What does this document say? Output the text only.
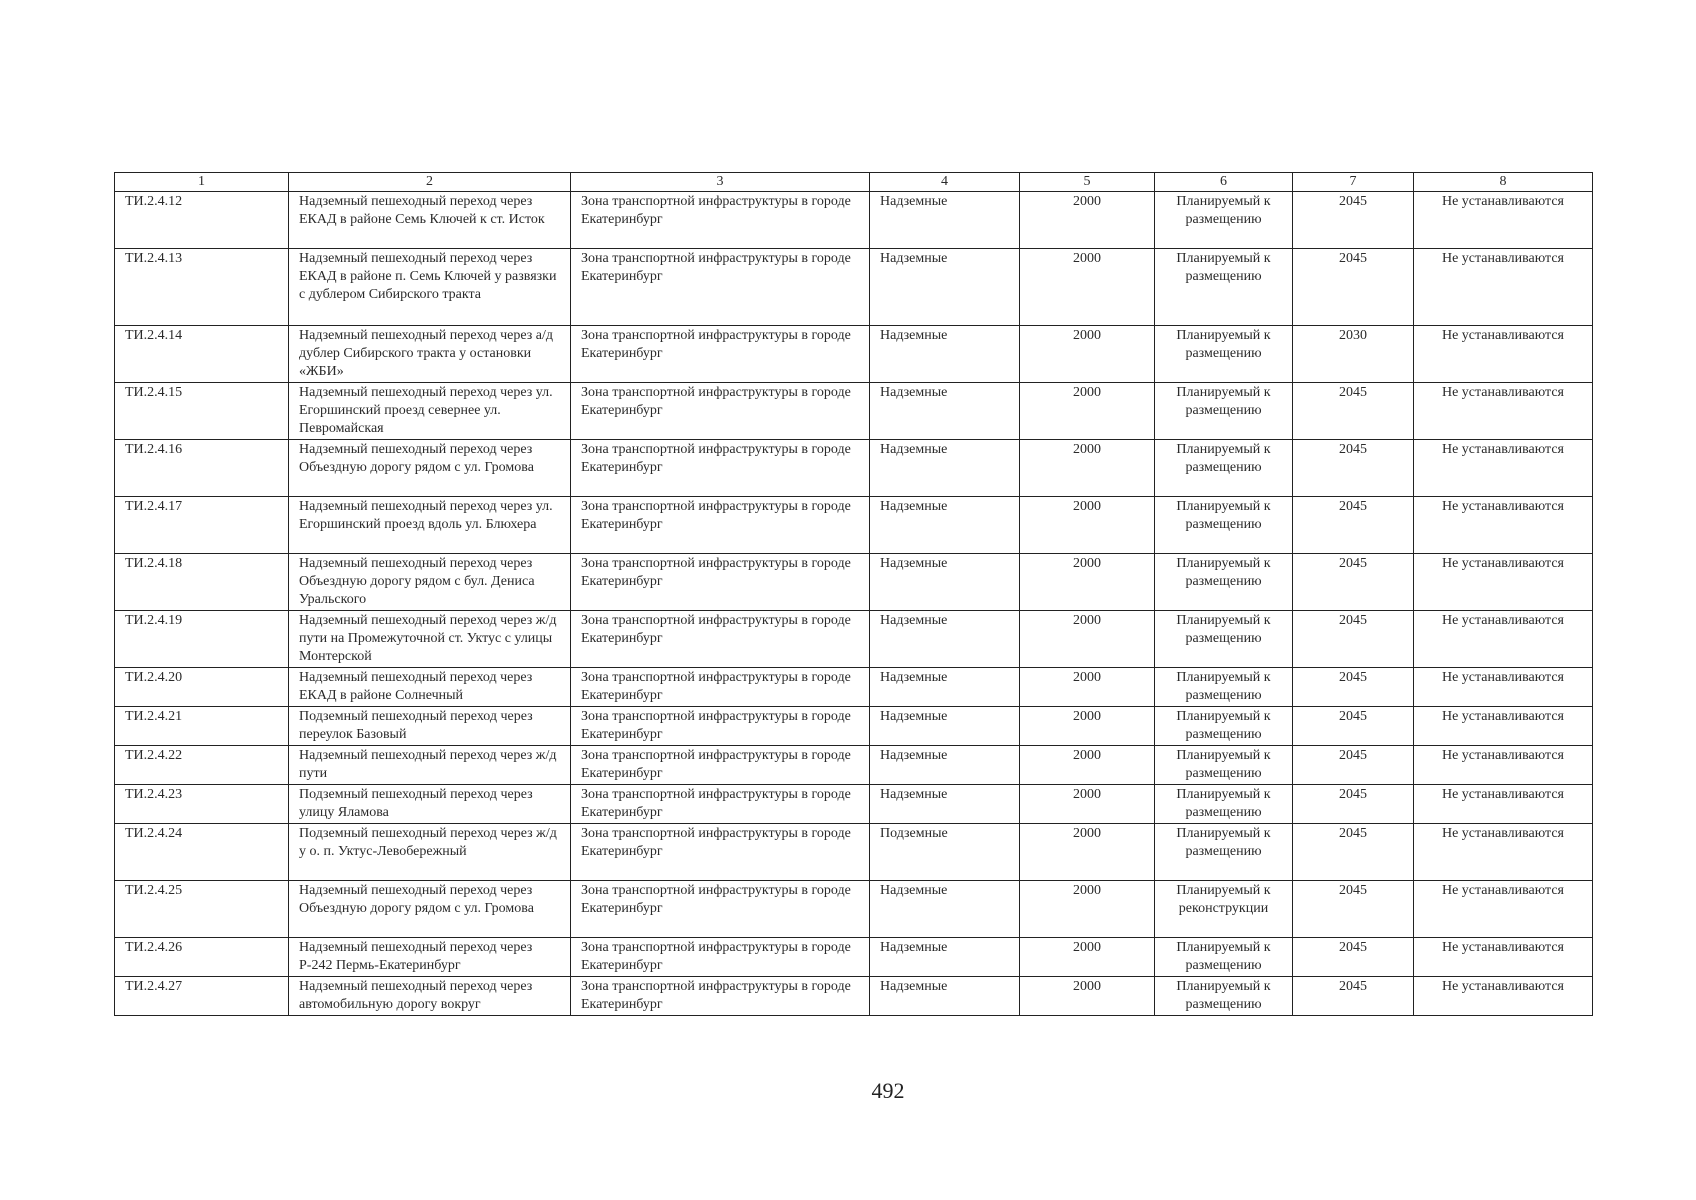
1	2	3	4	5	6	7	8
ТИ.2.4.12	Надземный пешеходный переход через ЕКАД в районе Семь Ключей к ст. Исток	Зона транспортной инфраструктуры в городе Екатеринбург	Надземные	2000	Планируемый к размещению	2045	Не устанавливаются
ТИ.2.4.13	Надземный пешеходный переход через ЕКАД в районе п. Семь Ключей у развязки с дублером Сибирского тракта	Зона транспортной инфраструктуры в городе Екатеринбург	Надземные	2000	Планируемый к размещению	2045	Не устанавливаются
ТИ.2.4.14	Надземный пешеходный переход через а/д дублер Сибирского тракта у остановки «ЖБИ»	Зона транспортной инфраструктуры в городе Екатеринбург	Надземные	2000	Планируемый к размещению	2030	Не устанавливаются
ТИ.2.4.15	Надземный пешеходный переход через ул. Егоршинский проезд севернее ул. Певромайская	Зона транспортной инфраструктуры в городе Екатеринбург	Надземные	2000	Планируемый к размещению	2045	Не устанавливаются
ТИ.2.4.16	Надземный пешеходный переход через Объездную дорогу рядом с ул. Громова	Зона транспортной инфраструктуры в городе Екатеринбург	Надземные	2000	Планируемый к размещению	2045	Не устанавливаются
ТИ.2.4.17	Надземный пешеходный переход через ул. Егоршинский проезд вдоль ул. Блюхера	Зона транспортной инфраструктуры в городе Екатеринбург	Надземные	2000	Планируемый к размещению	2045	Не устанавливаются
ТИ.2.4.18	Надземный пешеходный переход через Объездную дорогу рядом с бул. Дениса Уральского	Зона транспортной инфраструктуры в городе Екатеринбург	Надземные	2000	Планируемый к размещению	2045	Не устанавливаются
ТИ.2.4.19	Надземный пешеходный переход через ж/д пути на Промежуточной ст. Уктус с улицы Монтерской	Зона транспортной инфраструктуры в городе Екатеринбург	Надземные	2000	Планируемый к размещению	2045	Не устанавливаются
ТИ.2.4.20	Надземный пешеходный переход через ЕКАД в районе Солнечный	Зона транспортной инфраструктуры в городе Екатеринбург	Надземные	2000	Планируемый к размещению	2045	Не устанавливаются
ТИ.2.4.21	Подземный пешеходный переход через переулок Базовый	Зона транспортной инфраструктуры в городе Екатеринбург	Надземные	2000	Планируемый к размещению	2045	Не устанавливаются
ТИ.2.4.22	Надземный пешеходный переход через ж/д пути	Зона транспортной инфраструктуры в городе Екатеринбург	Надземные	2000	Планируемый к размещению	2045	Не устанавливаются
ТИ.2.4.23	Подземный пешеходный переход через улицу Яламова	Зона транспортной инфраструктуры в городе Екатеринбург	Надземные	2000	Планируемый к размещению	2045	Не устанавливаются
ТИ.2.4.24	Подземный пешеходный переход через ж/д у о. п. Уктус-Левобережный	Зона транспортной инфраструктуры в городе Екатеринбург	Подземные	2000	Планируемый к размещению	2045	Не устанавливаются
ТИ.2.4.25	Надземный пешеходный переход через Объездную дорогу рядом с ул. Громова	Зона транспортной инфраструктуры в городе Екатеринбург	Надземные	2000	Планируемый к реконструкции	2045	Не устанавливаются
ТИ.2.4.26	Надземный пешеходный переход через Р-242 Пермь-Екатеринбург	Зона транспортной инфраструктуры в городе Екатеринбург	Надземные	2000	Планируемый к размещению	2045	Не устанавливаются
ТИ.2.4.27	Надземный пешеходный переход через автомобильную дорогу вокруг	Зона транспортной инфраструктуры в городе Екатеринбург	Надземные	2000	Планируемый к размещению	2045	Не устанавливаются
492
